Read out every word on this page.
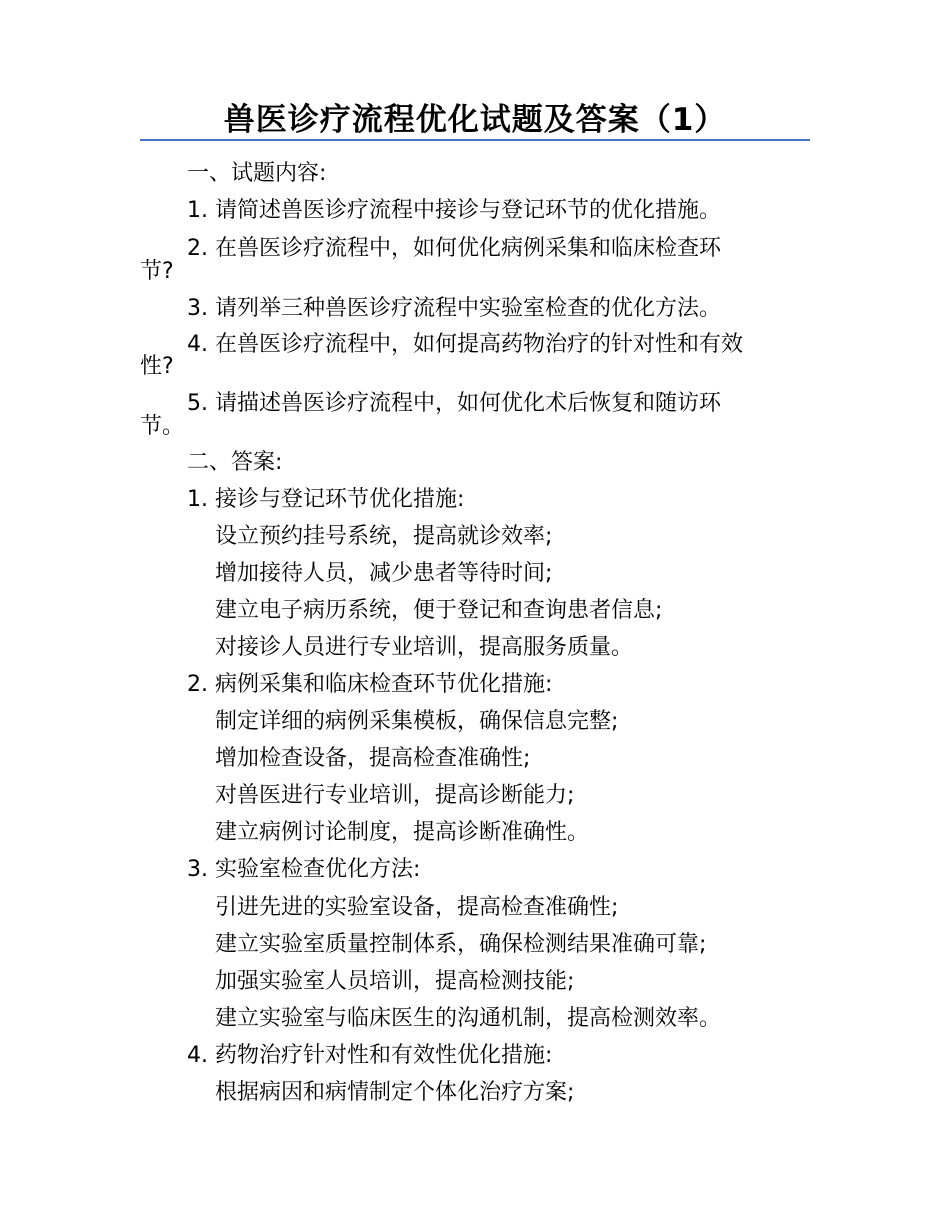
兽医诊疗流程优化试题及答案（1）
一、试题内容:
1. 请简述兽医诊疗流程中接诊与登记环节的优化措施。
2. 在兽医诊疗流程中，如何优化病例采集和临床检查环
节?
3. 请列举三种兽医诊疗流程中实验室检查的优化方法。
4. 在兽医诊疗流程中，如何提高药物治疗的针对性和有效
性?
5. 请描述兽医诊疗流程中，如何优化术后恢复和随访环
节。
二、答案:
1. 接诊与登记环节优化措施:
设立预约挂号系统，提高就诊效率;
增加接待人员，减少患者等待时间;
建立电子病历系统，便于登记和查询患者信息;
对接诊人员进行专业培训，提高服务质量。
2. 病例采集和临床检查环节优化措施:
制定详细的病例采集模板，确保信息完整;
增加检查设备，提高检查准确性;
对兽医进行专业培训，提高诊断能力;
建立病例讨论制度，提高诊断准确性。
3. 实验室检查优化方法:
引进先进的实验室设备，提高检查准确性;
建立实验室质量控制体系，确保检测结果准确可靠;
加强实验室人员培训，提高检测技能;
建立实验室与临床医生的沟通机制，提高检测效率。
4. 药物治疗针对性和有效性优化措施:
根据病因和病情制定个体化治疗方案;
